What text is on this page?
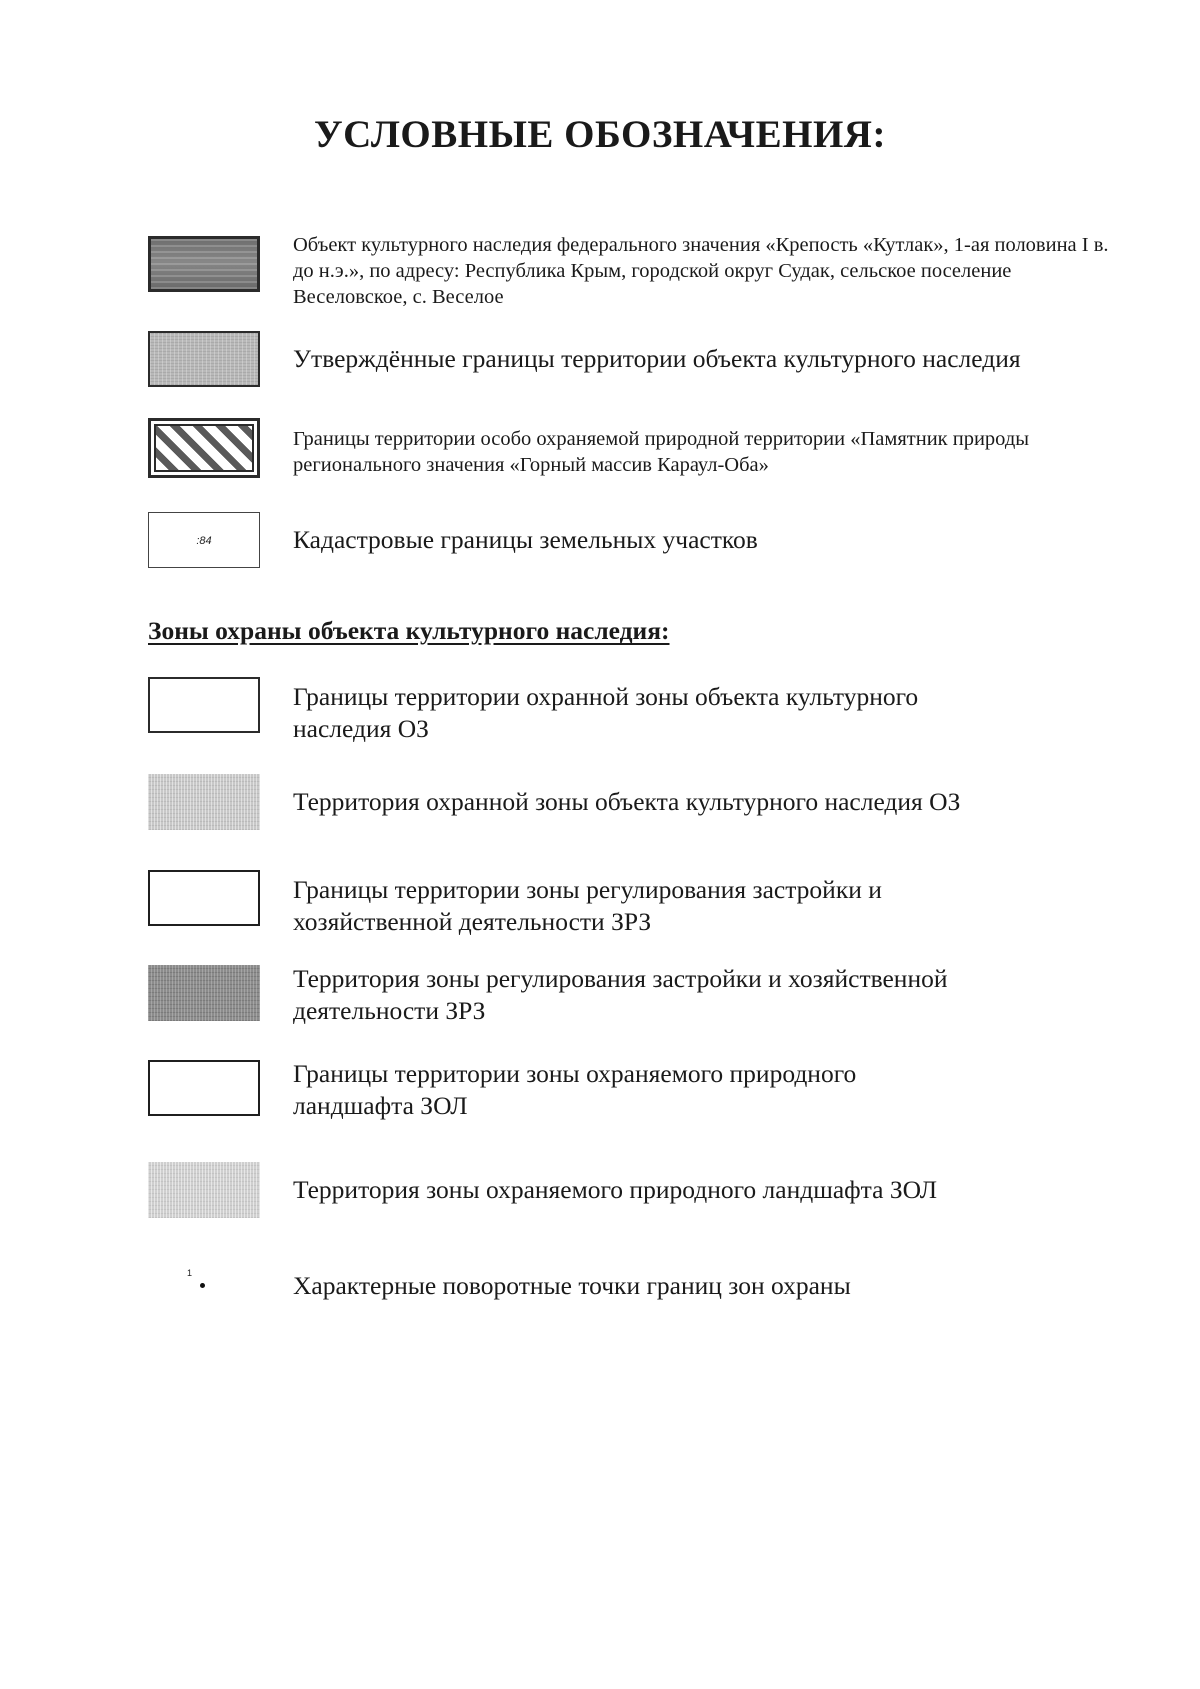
УСЛОВНЫЕ ОБОЗНАЧЕНИЯ:
Объект культурного наследия федерального значения «Крепость «Кутлак», 1-ая половина I в. до н.э.», по адресу: Республика Крым, городской округ Судак, сельское поселение Веселовское, с. Веселое
Утверждённые границы территории объекта культурного наследия
Границы территории особо охраняемой природной территории «Памятник природы регионального значения «Горный массив Караул-Оба»
:84	Кадастровые границы земельных участков
Зоны охраны объекта культурного наследия:
Границы территории охранной зоны объекта культурного наследия ОЗ
Территория охранной зоны объекта культурного наследия ОЗ
Границы территории зоны регулирования застройки и хозяйственной деятельности ЗРЗ
Территория зоны регулирования застройки и хозяйственной деятельности ЗРЗ
Границы территории зоны охраняемого природного ландшафта ЗОЛ
Территория зоны охраняемого природного ландшафта ЗОЛ
1	Характерные поворотные точки границ зон охраны
